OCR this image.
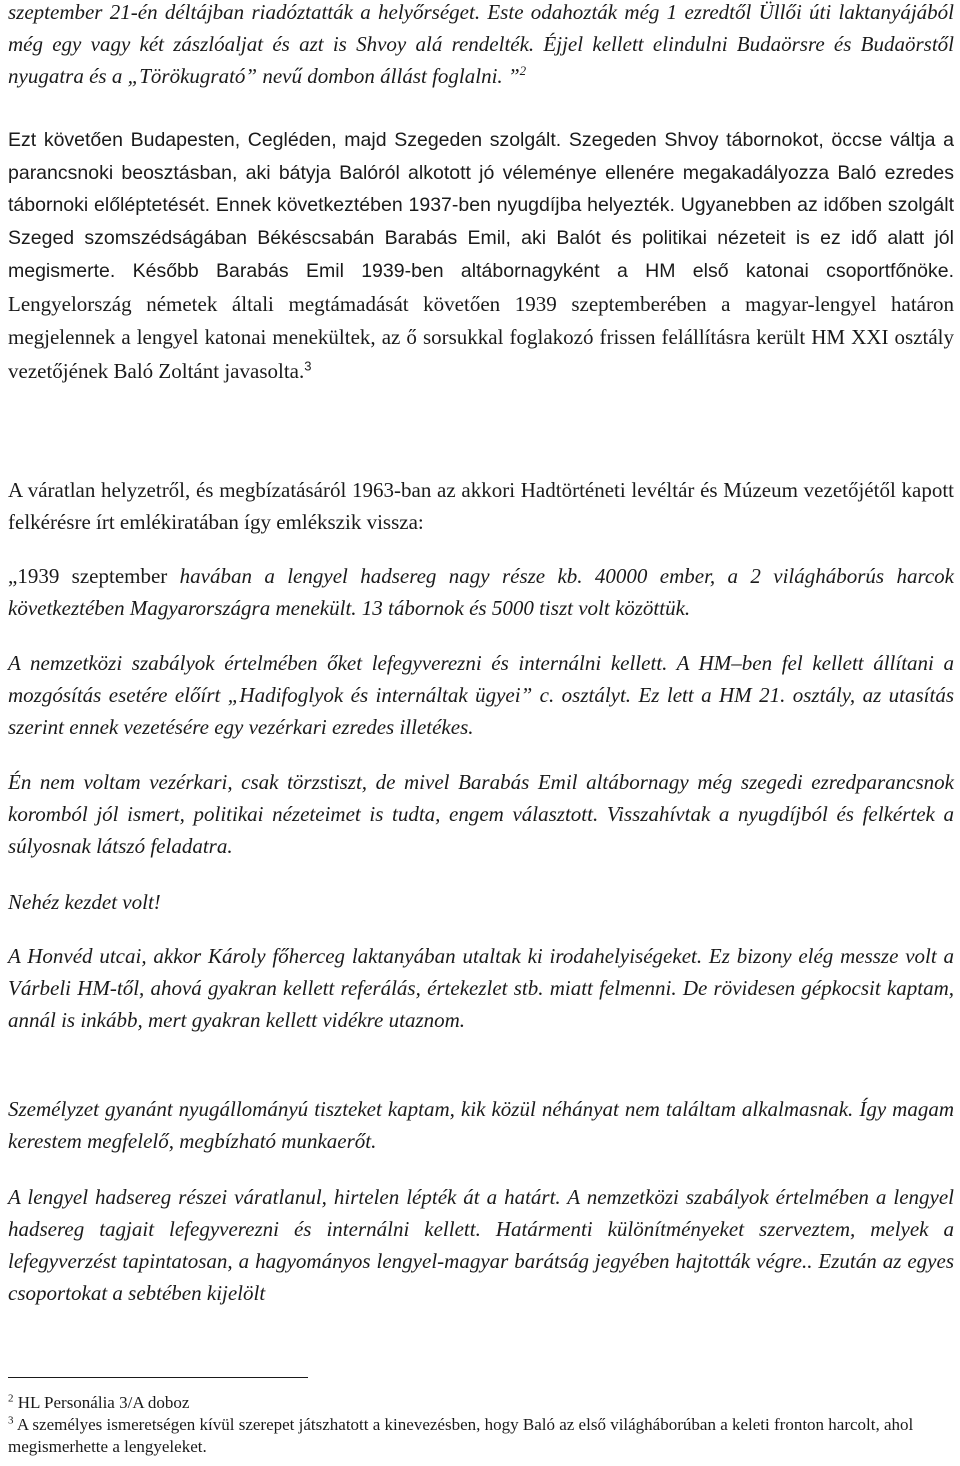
szeptember 21-én déltájban riadóztatták a helyőrséget. Este odahozták még 1 ezredtől Üllői úti laktanyájából még egy vagy két zászlóaljat és azt is Shvoy alá rendelték. Éjjel kellett elindulni Budaörsre és Budaörstől nyugatra és a „Törökugrató” nevű dombon állást foglalni. ”$^2$

Ezt követően Budapesten, Cegléden, majd Szegeden szolgált. Szegeden Shvoy tábornokot, öccse váltja a parancsnoki beosztásban, aki bátyja Balóról alkotott jó véleménye ellenére megakadályozza Baló ezredes tábornoki előléptetését. Ennek következtében 1937-ben nyugdíjba helyezték. Ugyanebben az időben szolgált Szeged szomszédságában Békéscsabán Barabás Emil, aki Balót és politikai nézeteit is ez idő alatt jól megismerte. Később Barabás Emil 1939-ben altábornagyként a HM első katonai csoportfőnöke. Lengyelország németek általi megtámadását követően 1939 szeptemberében a magyar-lengyel határon megjelennek a lengyel katonai menekültek, az ő sorsukkal foglakozó frissen felállításra került HM XXI osztály vezetőjének Baló Zoltánt javasolta.$^3$

A váratlan helyzetről, és megbízatásáról 1963-ban az akkori Hadtörténeti levéltár és Múzeum vezetőjétől kapott felkérésre írt emlékiratában így emlékszik vissza:

„1939 szeptember havában a lengyel hadsereg nagy része kb. 40000 ember, a 2 világháborús harcok következtében Magyarországra menekült. 13 tábornok és 5000 tiszt volt közöttük.

A nemzetközi szabályok értelmében őket lefegyverezni és internálni kellett. A HM–ben fel kellett állítani a mozgósítás esetére előírt „Hadifoglyok és internáltak ügyei” c. osztályt. Ez lett a HM 21. osztály, az utasítás szerint ennek vezetésére egy vezérkari ezredes illetékes.

Én nem voltam vezérkari, csak törzstiszt, de mivel Barabás Emil altábornagy még szegedi ezredparancsnok koromból jól ismert, politikai nézeteimet is tudta, engem választott. Visszahívtak a nyugdíjból és felkértek a súlyosnak látszó feladatra.

Nehéz kezdet volt!

A Honvéd utcai, akkor Károly főherceg laktanyában utaltak ki irodahelyiségeket. Ez bizony elég messze volt a Várbeli HM-től, ahová gyakran kellett referálás, értekezlet stb. miatt felmenni. De rövidesen gépkocsit kaptam, annál is inkább, mert gyakran kellett vidékre utaznom.

Személyzet gyanánt nyugállományú tiszteket kaptam, kik közül néhányat nem találtam alkalmasnak. Így magam kerestem megfelelő, megbízható munkaerőt.

A lengyel hadsereg részei váratlanul, hirtelen lépték át a határt. A nemzetközi szabályok értelmében a lengyel hadsereg tagjait lefegyverezni és internálni kellett. Határmenti különítményeket szerveztem, melyek a lefegyverzést tapintatosan, a hagyományos lengyel-magyar barátság jegyében hajtották végre.. Ezután az egyes csoportokat a sebtében kijelölt

$^2$ HL Personália 3/A doboz

$^3$ A személyes ismeretségen kívül szerepet játszhatott a kinevezésben, hogy Baló az első világháborúban a keleti fronton harcolt, ahol megismerhette a lengyeleket.
